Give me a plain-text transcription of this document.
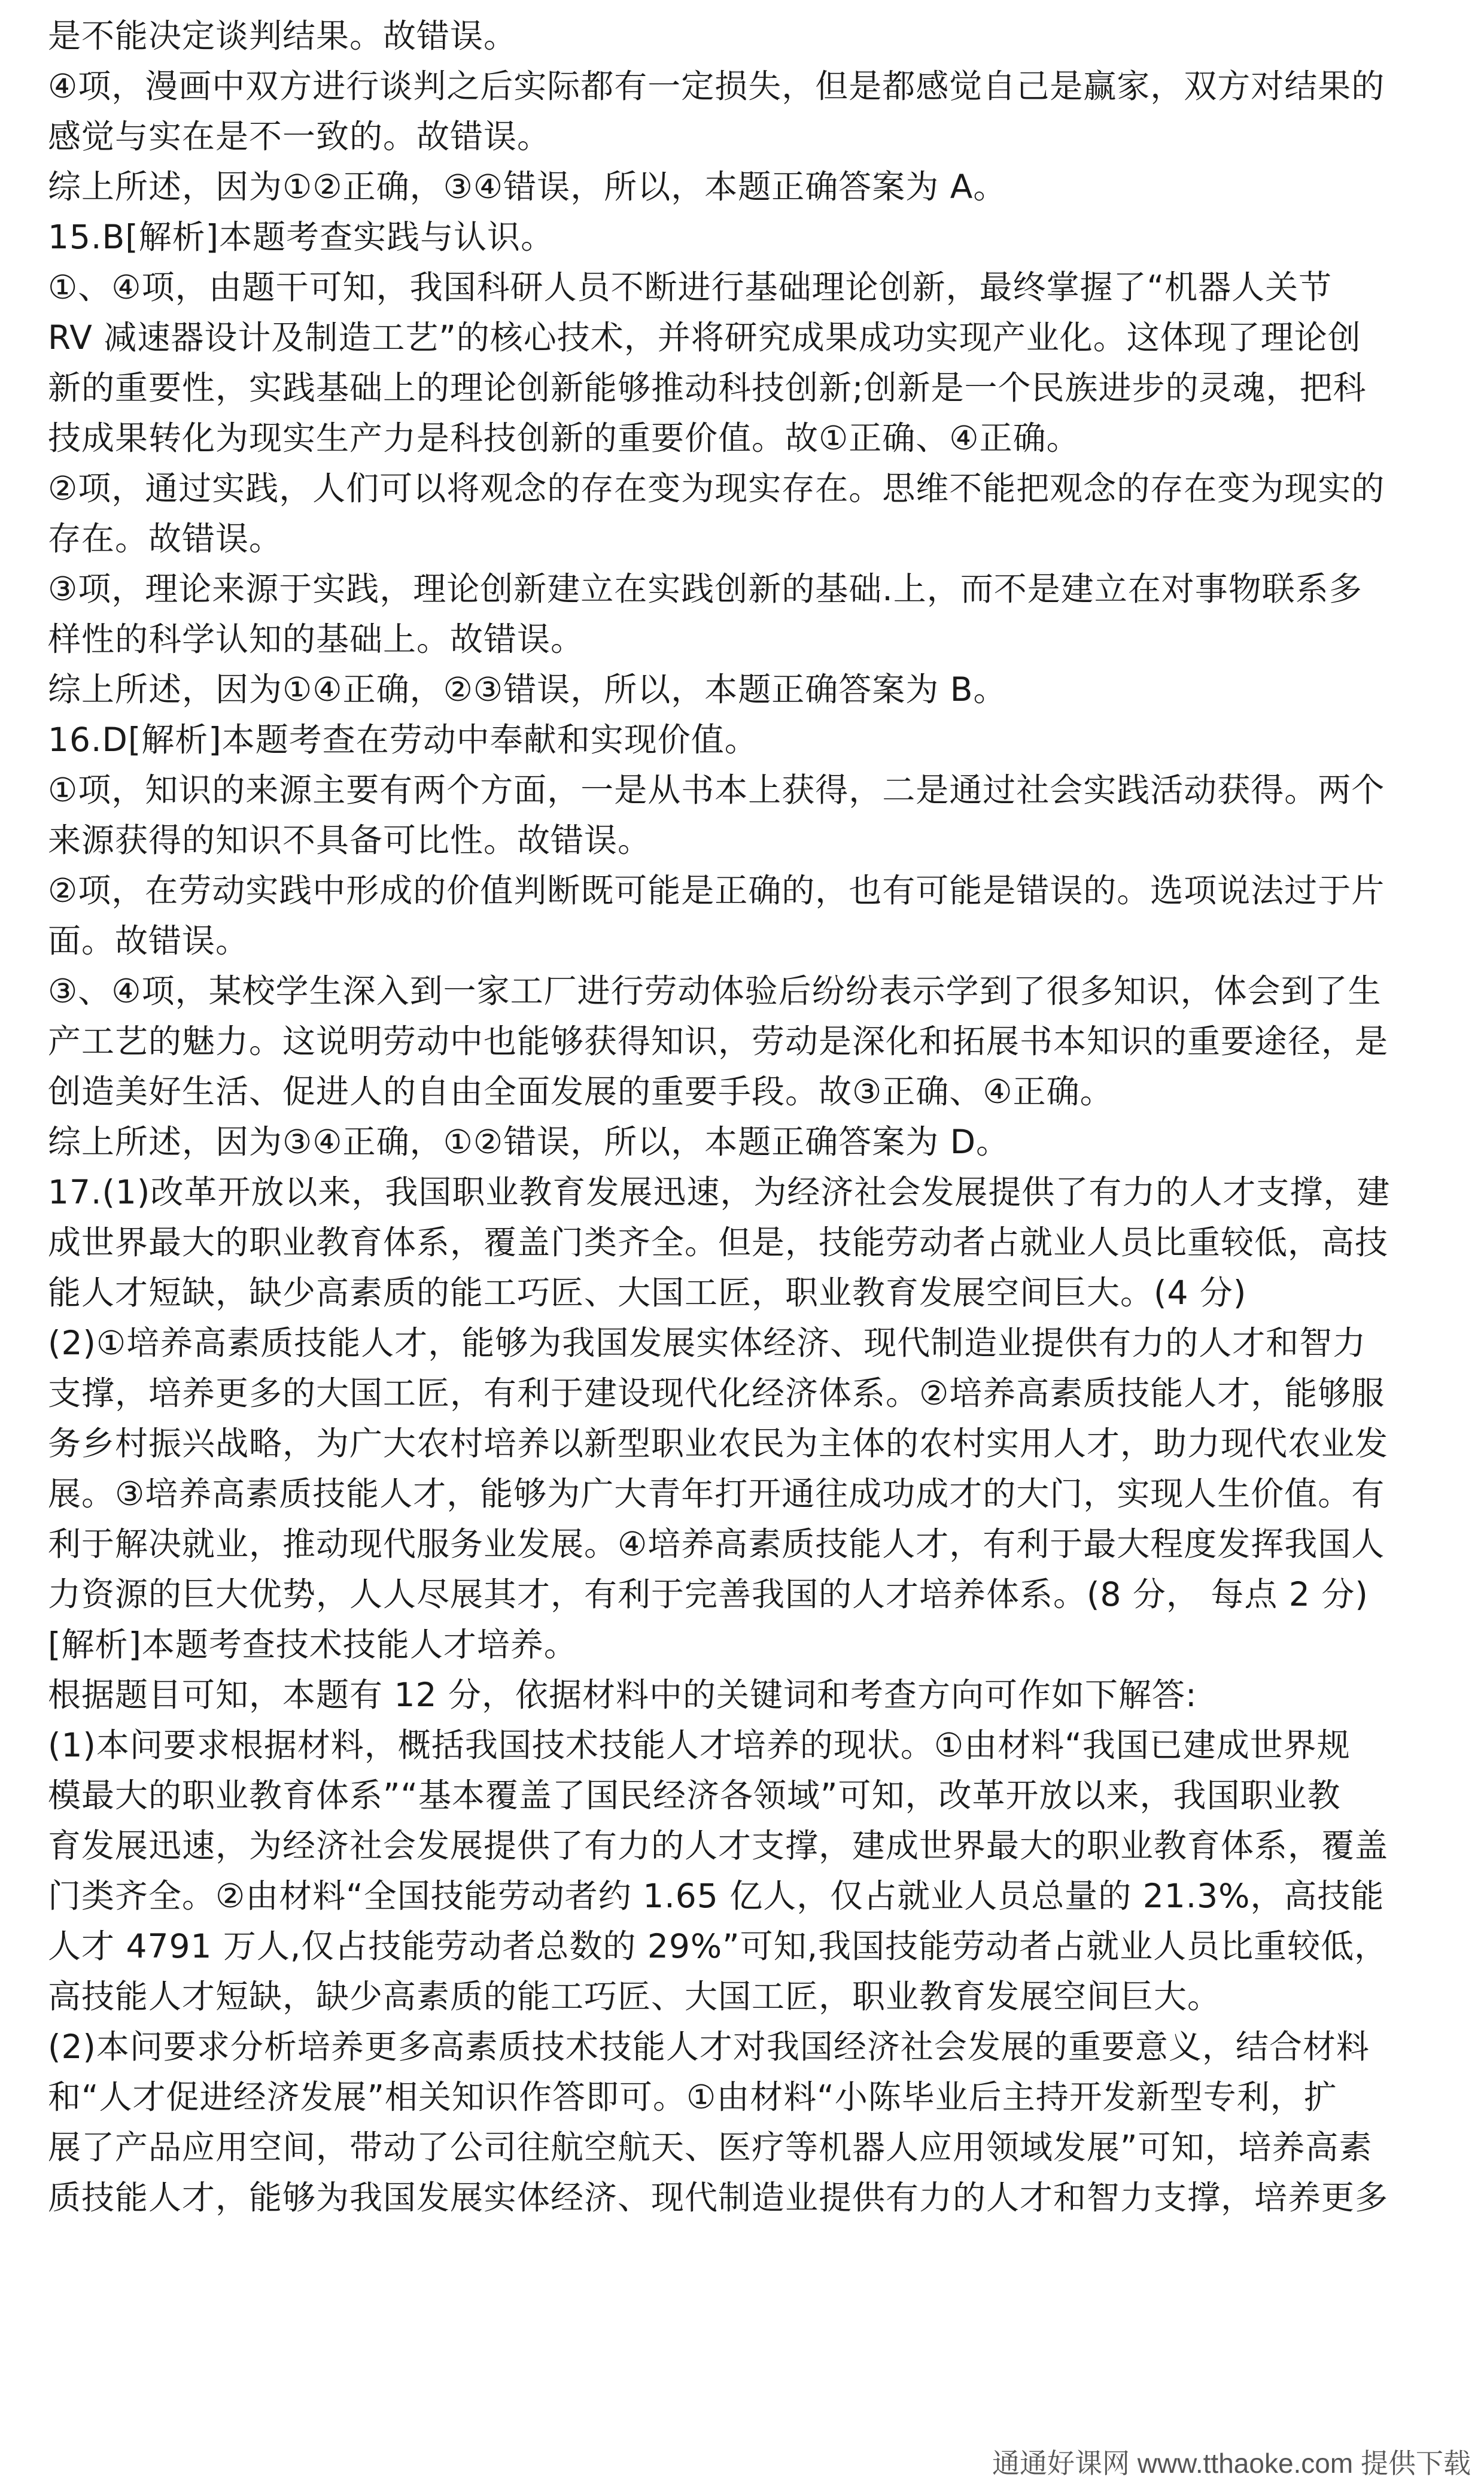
是不能决定谈判结果。故错误。
④项，漫画中双方进行谈判之后实际都有一定损失，但是都感觉自己是赢家，双方对结果的
感觉与实在是不一致的。故错误。
综上所述，因为①②正确，③④错误，所以，本题正确答案为 A。
15.B[解析]本题考查实践与认识。
①、④项，由题干可知，我国科研人员不断进行基础理论创新，最终掌握了“机器人关节
RV 减速器设计及制造工艺”的核心技术，并将研究成果成功实现产业化。这体现了理论创
新的重要性，实践基础上的理论创新能够推动科技创新;创新是一个民族进步的灵魂，把科
技成果转化为现实生产力是科技创新的重要价值。故①正确、④正确。
②项，通过实践，人们可以将观念的存在变为现实存在。思维不能把观念的存在变为现实的
存在。故错误。
③项，理论来源于实践，理论创新建立在实践创新的基础.上，而不是建立在对事物联系多
样性的科学认知的基础上。故错误。
综上所述，因为①④正确，②③错误，所以，本题正确答案为 B。
16.D[解析]本题考查在劳动中奉献和实现价值。
①项，知识的来源主要有两个方面，一是从书本上获得，二是通过社会实践活动获得。两个
来源获得的知识不具备可比性。故错误。
②项，在劳动实践中形成的价值判断既可能是正确的，也有可能是错误的。选项说法过于片
面。故错误。
③、④项，某校学生深入到一家工厂进行劳动体验后纷纷表示学到了很多知识，体会到了生
产工艺的魅力。这说明劳动中也能够获得知识，劳动是深化和拓展书本知识的重要途径，是
创造美好生活、促进人的自由全面发展的重要手段。故③正确、④正确。
综上所述，因为③④正确，①②错误，所以，本题正确答案为 D。
17.(1)改革开放以来，我国职业教育发展迅速，为经济社会发展提供了有力的人才支撑，建
成世界最大的职业教育体系，覆盖门类齐全。但是，技能劳动者占就业人员比重较低，高技
能人才短缺，缺少高素质的能工巧匠、大国工匠，职业教育发展空间巨大。(4 分)
(2)①培养高素质技能人才，能够为我国发展实体经济、现代制造业提供有力的人才和智力
支撑，培养更多的大国工匠，有利于建设现代化经济体系。②培养高素质技能人才，能够服
务乡村振兴战略，为广大农村培养以新型职业农民为主体的农村实用人才，助力现代农业发
展。③培养高素质技能人才，能够为广大青年打开通往成功成才的大门，实现人生价值。有
利于解决就业，推动现代服务业发展。④培养高素质技能人才，有利于最大程度发挥我国人
力资源的巨大优势，人人尽展其才，有利于完善我国的人才培养体系。(8 分， 每点 2 分)
[解析]本题考查技术技能人才培养。
根据题目可知，本题有 12 分，依据材料中的关键词和考查方向可作如下解答:
(1)本问要求根据材料，概括我国技术技能人才培养的现状。①由材料“我国已建成世界规
模最大的职业教育体系”“基本覆盖了国民经济各领域”可知，改革开放以来，我国职业教
育发展迅速，为经济社会发展提供了有力的人才支撑，建成世界最大的职业教育体系，覆盖
门类齐全。②由材料“全国技能劳动者约 1.65 亿人，仅占就业人员总量的 21.3%，高技能
人才 4791 万人,仅占技能劳动者总数的 29%”可知,我国技能劳动者占就业人员比重较低，
高技能人才短缺，缺少高素质的能工巧匠、大国工匠，职业教育发展空间巨大。
(2)本问要求分析培养更多高素质技术技能人才对我国经济社会发展的重要意义，结合材料
和“人才促进经济发展”相关知识作答即可。①由材料“小陈毕业后主持开发新型专利，扩
展了产品应用空间，带动了公司往航空航天、医疗等机器人应用领域发展”可知，培养高素
质技能人才，能够为我国发展实体经济、现代制造业提供有力的人才和智力支撑，培养更多
通通好课网 www.tthaoke.com 提供下载
